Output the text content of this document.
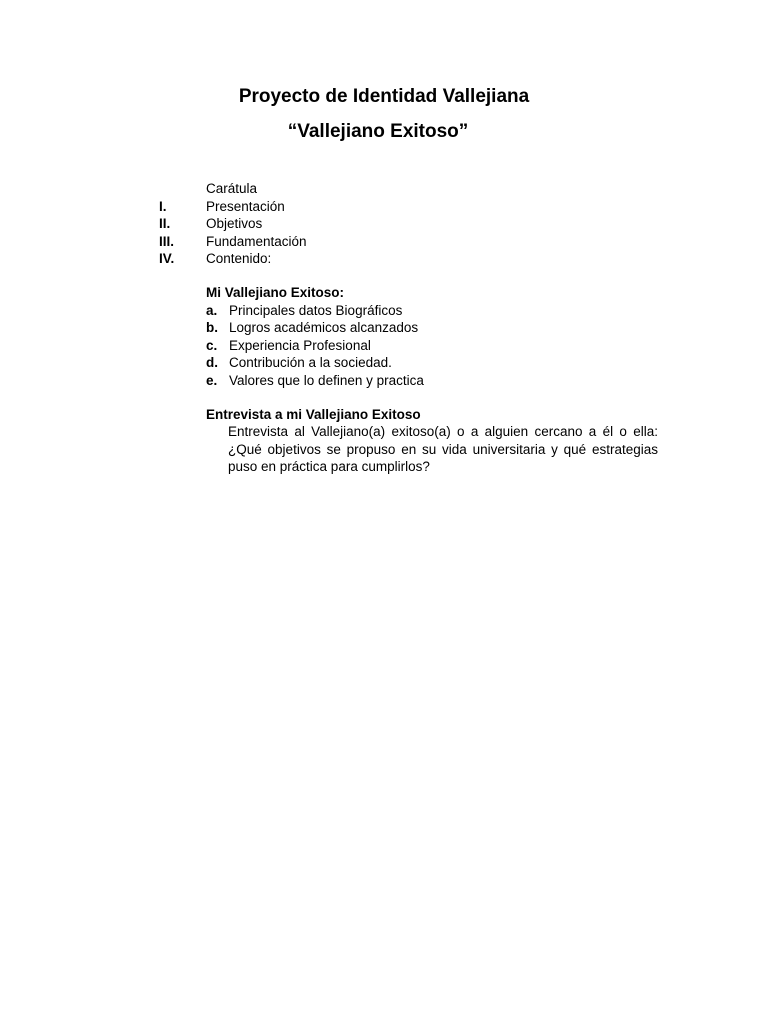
Proyecto de Identidad Vallejiana
“Vallejiano Exitoso”
Carátula
I.	Presentación
II.	Objetivos
III. Fundamentación
IV. Contenido:
Mi Vallejiano Exitoso:
a. Principales datos Biográficos
b. Logros académicos alcanzados
c. Experiencia Profesional
d. Contribución a la sociedad.
e. Valores que lo definen y practica
Entrevista a mi Vallejiano Exitoso
Entrevista al Vallejiano(a) exitoso(a) o a alguien cercano a él o ella: ¿Qué objetivos se propuso en su vida universitaria y qué estrategias puso en práctica para cumplirlos?
